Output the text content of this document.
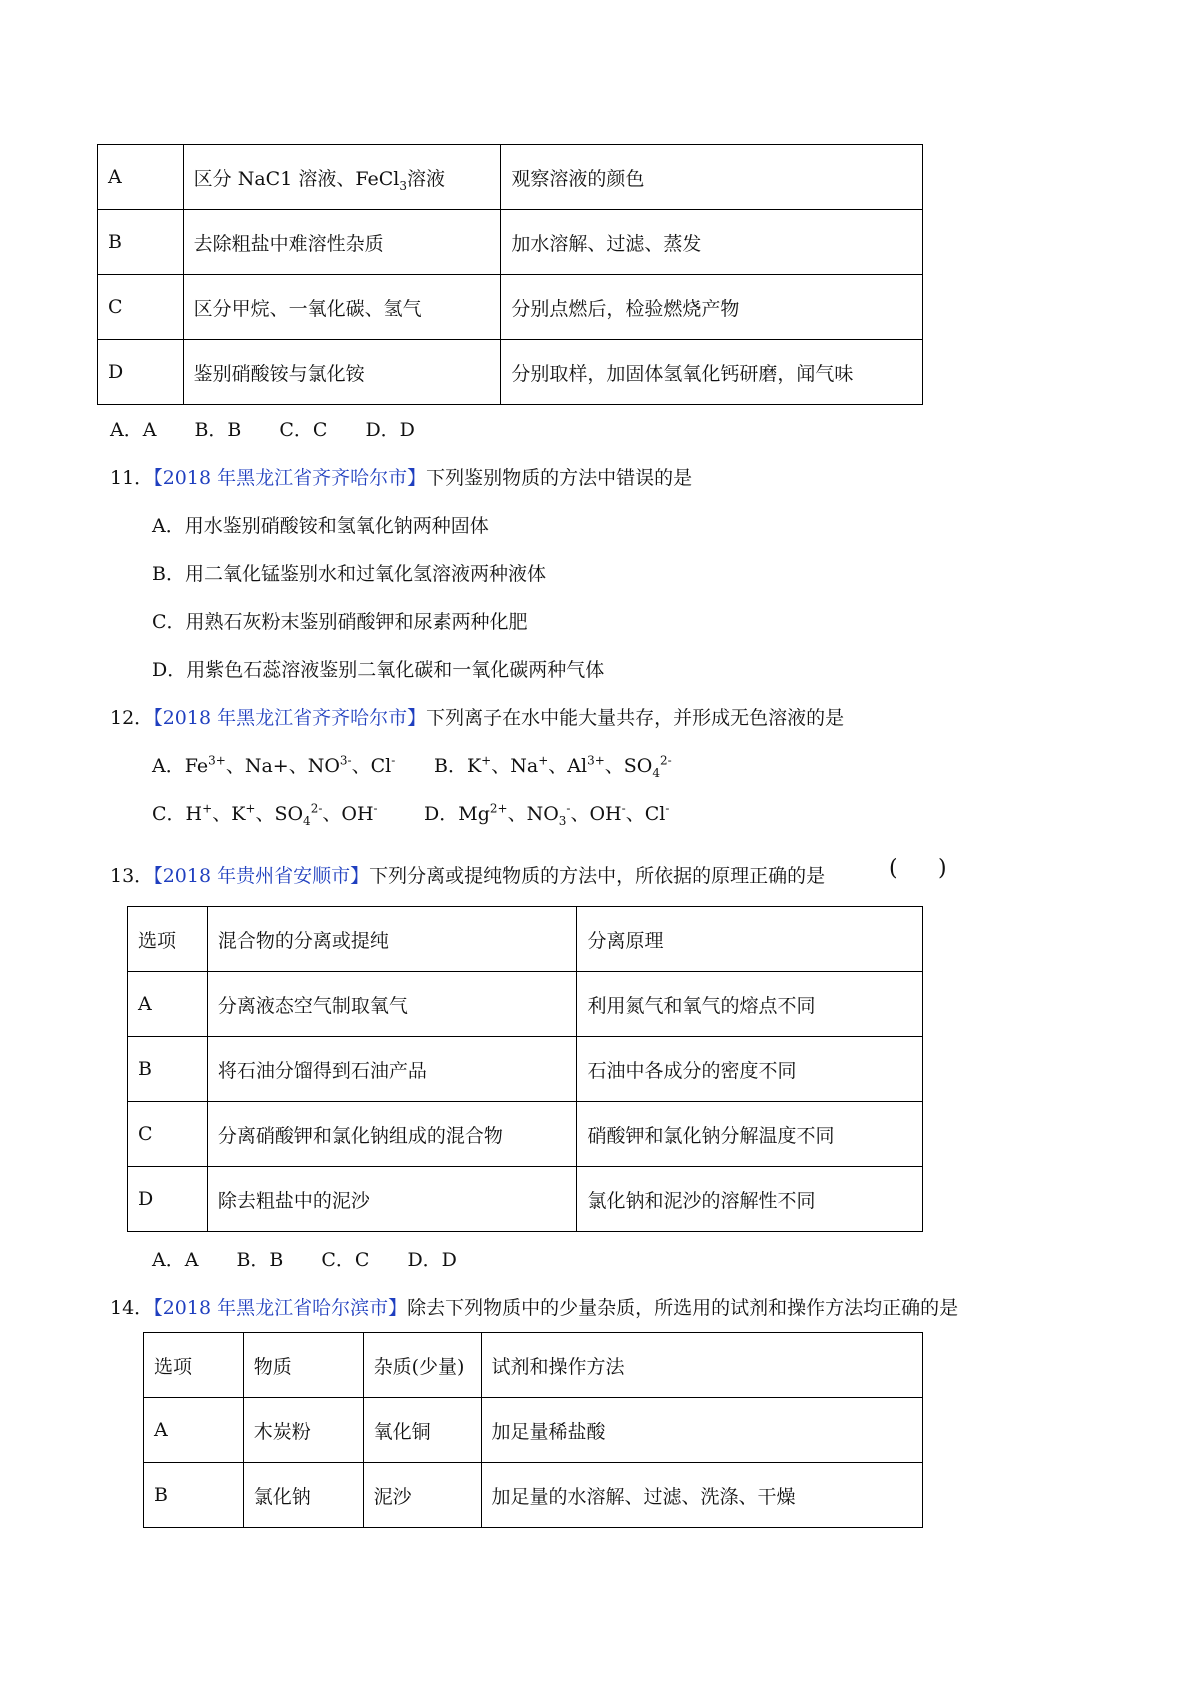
A	区分 NaC1 溶液、FeCl$_3$溶液	观察溶液的颜色
B	去除粗盐中难溶性杂质	加水溶解、过滤、蒸发
C	区分甲烷、一氧化碳、氢气	分别点燃后，检验燃烧产物
D	鉴别硝酸铵与氯化铵	分别取样，加固体氢氧化钙研磨，闻气味
A．A　　B．B　　C．C　　D．D
11．【2018 年黑龙江省齐齐哈尔市】下列鉴别物质的方法中错误的是
A．用水鉴别硝酸铵和氢氧化钠两种固体
B．用二氧化锰鉴别水和过氧化氢溶液两种液体
C．用熟石灰粉末鉴别硝酸钾和尿素两种化肥
D．用紫色石蕊溶液鉴别二氧化碳和一氧化碳两种气体
12．【2018 年黑龙江省齐齐哈尔市】下列离子在水中能大量共存，并形成无色溶液的是
A．$Fe^{3+}$、Na+、$NO^{3-}$、Cl- B．K+、Na+、$Al^{3+}$、$SO_4^{2-}$
C．H+、K+、$SO_4^{2-}$、OH- D．$Mg^{2+}$、$NO_3^-$、OH-、Cl-
13．【2018 年贵州省安顺市】下列分离或提纯物质的方法中，所依据的原理正确的是	( )
选项	混合物的分离或提纯	分离原理
A	分离液态空气制取氧气	利用氮气和氧气的熔点不同
B	将石油分馏得到石油产品	石油中各成分的密度不同
C	分离硝酸钾和氯化钠组成的混合物	硝酸钾和氯化钠分解温度不同
D	除去粗盐中的泥沙	氯化钠和泥沙的溶解性不同
A．A　　B．B　　C．C　　D．D
14．【2018 年黑龙江省哈尔滨市】除去下列物质中的少量杂质，所选用的试剂和操作方法均正确的是
选项	物质	杂质(少量)	试剂和操作方法
A	木炭粉	氧化铜	加足量稀盐酸
B	氯化钠	泥沙	加足量的水溶解、过滤、洗涤、干燥
